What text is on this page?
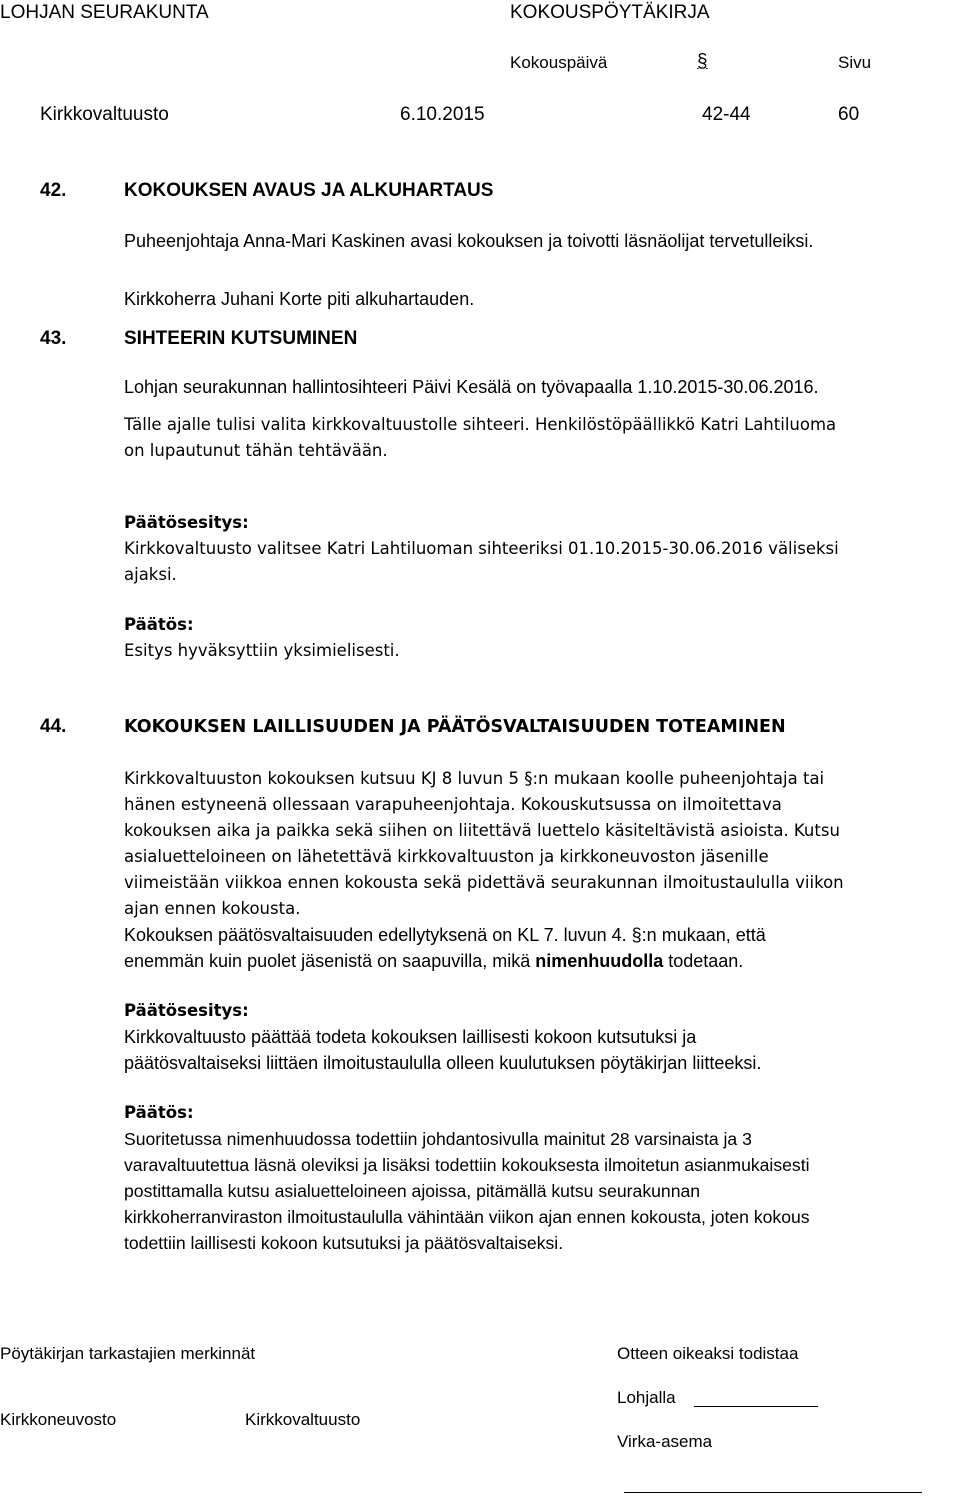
LOHJAN SEURAKUNTA	KOKOUSPÖYTÄKIRJA
Kokouspäivä	§	Sivu
Kirkkovaltuusto	6.10.2015	42-44	60
42.	KOKOUKSEN AVAUS JA ALKUHARTAUS
Puheenjohtaja Anna-Mari Kaskinen avasi kokouksen ja toivotti läsnäolijat tervetulleiksi.
Kirkkoherra Juhani Korte piti alkuhartauden.
43.	SIHTEERIN KUTSUMINEN
Lohjan seurakunnan hallintosihteeri Päivi Kesälä on työvapaalla 1.10.2015-30.06.2016.
Tälle ajalle tulisi valita kirkkovaltuustolle sihteeri. Henkilöstöpäällikkö Katri Lahtiluoma
on lupautunut tähän tehtävään.
Päätösesitys:
Kirkkovaltuusto valitsee Katri Lahtiluoman sihteeriksi 01.10.2015-30.06.2016 väliseksi
ajaksi.
Päätös:
Esitys hyväksyttiin yksimielisesti.
44.	KOKOUKSEN LAILLISUUDEN JA PÄÄTÖSVALTAISUUDEN TOTEAMINEN
Kirkkovaltuuston kokouksen kutsuu KJ 8 luvun 5 §:n mukaan koolle puheenjohtaja tai
hänen estyneenä ollessaan varapuheenjohtaja. Kokouskutsussa on ilmoitettava
kokouksen aika ja paikka sekä siihen on liitettävä luettelo käsiteltävistä asioista. Kutsu
asialuetteloineen on lähetettävä kirkkovaltuuston ja kirkkoneuvoston jäsenille
viimeistään viikkoa ennen kokousta sekä pidettävä seurakunnan ilmoitustaululla viikon
ajan ennen kokousta.
Kokouksen päätösvaltaisuuden edellytyksenä on KL 7. luvun 4. §:n mukaan, että
enemmän kuin puolet jäsenistä on saapuvilla, mikä nimenhuudolla todetaan.
Päätösesitys:
Kirkkovaltuusto päättää todeta kokouksen laillisesti kokoon kutsutuksi ja
päätösvaltaiseksi liittäen ilmoitustaululla olleen kuulutuksen pöytäkirjan liitteeksi.
Päätös:
Suoritetussa nimenhuudossa todettiin johdantosivulla mainitut 28 varsinaista ja 3
varavaltuutettua läsnä oleviksi ja lisäksi todettiin kokouksesta ilmoitetun asianmukaisesti
postittamalla kutsu asialuetteloineen ajoissa, pitämällä kutsu seurakunnan
kirkkoherranviraston ilmoitustaululla vähintään viikon ajan ennen kokousta, joten kokous
todettiin laillisesti kokoon kutsutuksi ja päätösvaltaiseksi.
Pöytäkirjan tarkastajien merkinnät
Kirkkoneuvosto	Kirkkovaltuusto
Otteen oikeaksi todistaa
Lohjalla
Virka-asema
